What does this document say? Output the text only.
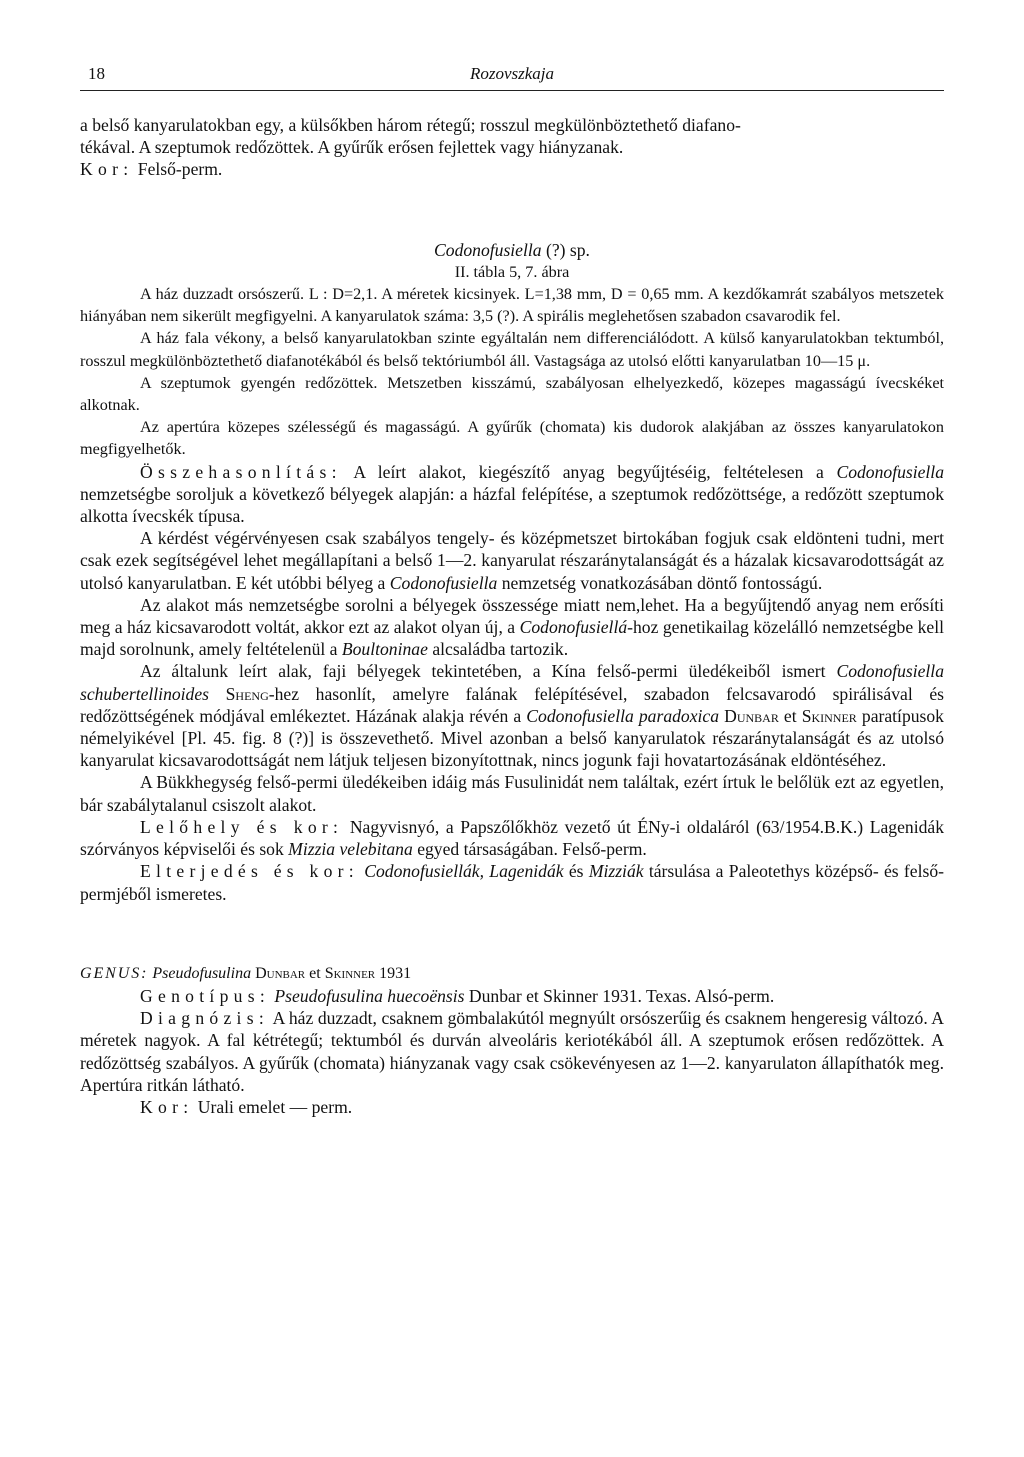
18	Rozovszkaja

a belső kanyarulatokban egy, a külsőkben három rétegű; rosszul megkülönböztethető diafano-

tékával. A szeptumok redőzöttek. A gyűrűk erősen fejlettek vagy hiányzanak.

Kor: Felső-perm.

Codonofusiella (?) sp.

II. tábla 5, 7. ábra

A ház duzzadt orsószerű. L : D=2,1. A méretek kicsinyek. L=1,38 mm, D = 0,65 mm. A kezdőkamrát szabályos metszetek hiányában nem sikerült megfigyelni. A kanyarulatok száma: 3,5 (?). A spirális meglehetősen szabadon csavarodik fel.

A ház fala vékony, a belső kanyarulatokban szinte egyáltalán nem differenciálódott. A külső kanyarulatokban tektumból, rosszul megkülönböztethető diafanotékából és belső tektóriumból áll. Vastagsága az utolsó előtti kanyarulatban 10—15 μ.

A szeptumok gyengén redőzöttek. Metszetben kisszámú, szabályosan elhelyezkedő, közepes magasságú ívecskéket alkotnak.

Az apertúra közepes szélességű és magasságú. A gyűrűk (chomata) kis dudorok alakjában az összes kanyarulatokon megfigyelhetők.

Összehasonlítás: A leírt alakot, kiegészítő anyag begyűjtéséig, feltételesen a Codonofusiella nemzetségbe soroljuk a következő bélyegek alapján: a házfal felépítése, a szeptumok redőzöttsége, a redőzött szeptumok alkotta ívecskék típusa.

A kérdést végérvényesen csak szabályos tengely- és középmetszet birtokában fogjuk csak eldönteni tudni, mert csak ezek segítségével lehet megállapítani a belső 1—2. kanyarulat részaránytalanságát és a házalak kicsavarodottságát az utolsó kanyarulatban. E két utóbbi bélyeg a Codonofusiella nemzetség vonatkozásában döntő fontosságú.

Az alakot más nemzetségbe sorolni a bélyegek összessége miatt nem,lehet. Ha a begyűjtendő anyag nem erősíti meg a ház kicsavarodott voltát, akkor ezt az alakot olyan új, a Codonofusiellá-hoz genetikailag közelálló nemzetségbe kell majd sorolnunk, amely feltételenül a Boultoninae alcsaládba tartozik.

Az általunk leírt alak, faji bélyegek tekintetében, a Kína felső-permi üledékeiből ismert Codonofusiella schubertellinoides Sheng-hez hasonlít, amelyre falának felépítésével, szabadon felcsavarodó spirálisával és redőzöttségének módjával emlékeztet. Házának alakja révén a Codonofusiella paradoxica Dunbar et Skinner paratípusok némelyikével [Pl. 45. fig. 8 (?)] is összevethető. Mivel azonban a belső kanyarulatok részaránytalanságát és az utolsó kanyarulat kicsavarodottságát nem látjuk teljesen bizonyítottnak, nincs jogunk faji hovatartozásának eldöntéséhez.

A Bükkhegység felső-permi üledékeiben idáig más Fusulinidát nem találtak, ezért írtuk le belőlük ezt az egyetlen, bár szabálytalanul csiszolt alakot.

Lelőhely és kor: Nagyvisnyó, a Papszőlőkhöz vezető út ÉNy-i oldaláról (63/1954.B.K.) Lagenidák szórványos képviselői és sok Mizzia velebitana egyed társaságában. Felső-perm.

Elterjedés és kor: Codonofusiellák, Lagenidák és Mizziák társulása a Paleotethys középső- és felső-permjéből ismeretes.

GENUS: Pseudofusulina Dunbar et Skinner 1931

Genotípus: Pseudofusulina huecoënsis Dunbar et Skinner 1931. Texas. Alsó-perm.

Diagnózis: A ház duzzadt, csaknem gömbalakútól megnyúlt orsószerűig és csaknem hengeresig változó. A méretek nagyok. A fal kétrétegű; tektumból és durván alveoláris keriotékából áll. A szeptumok erősen redőzöttek. A redőzöttség szabályos. A gyűrűk (chomata) hiányzanak vagy csak csökevényesen az 1—2. kanyarulaton állapíthatók meg. Apertúra ritkán látható.

Kor: Urali emelet — perm.
